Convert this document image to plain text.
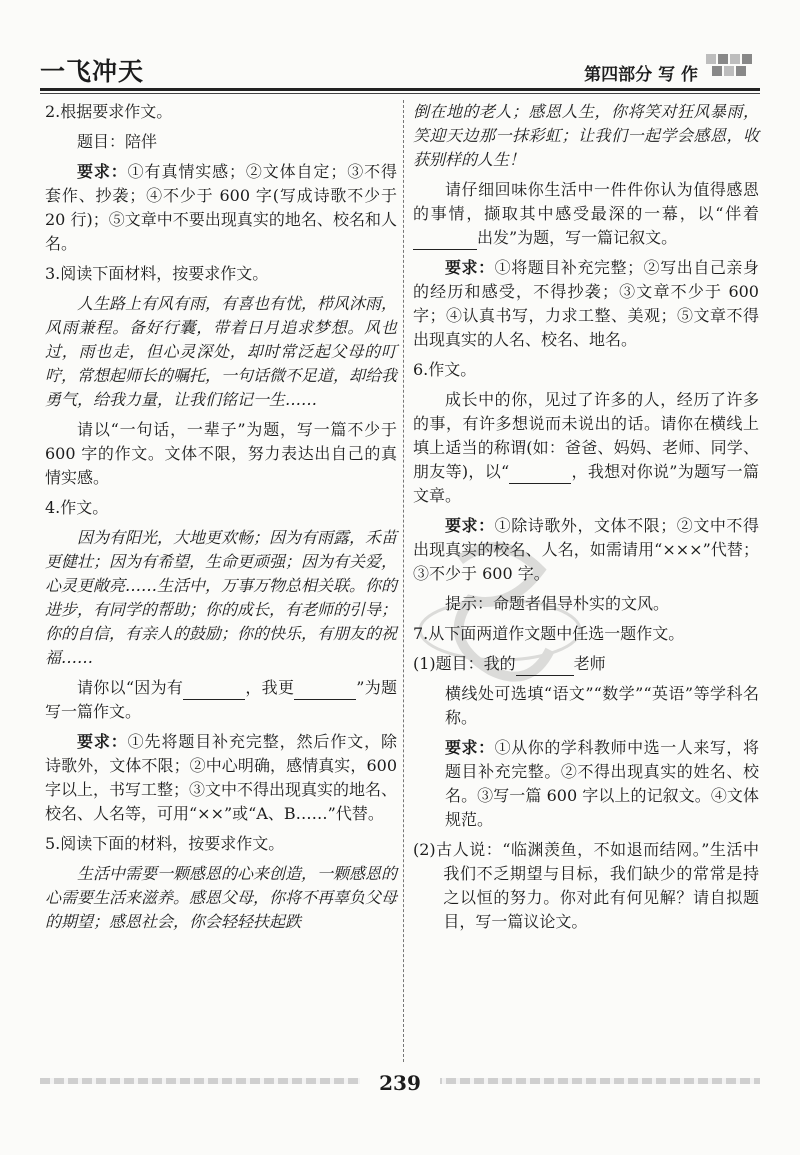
一飞冲天	第四部分 写 作

2.根据要求作文。

题目：陪伴

要求：①有真情实感；②文体自定；③不得套作、抄袭；④不少于 600 字(写成诗歌不少于 20 行)；⑤文章中不要出现真实的地名、校名和人名。

3.阅读下面材料，按要求作文。

人生路上有风有雨，有喜也有忧，栉风沐雨，风雨兼程。备好行囊，带着日月追求梦想。风也过，雨也走，但心灵深处，却时常泛起父母的叮咛，常想起师长的嘱托，一句话微不足道，却给我勇气，给我力量，让我们铭记一生……

请以“一句话，一辈子”为题，写一篇不少于 600 字的作文。文体不限，努力表达出自己的真情实感。

4.作文。

因为有阳光，大地更欢畅；因为有雨露，禾苗更健壮；因为有希望，生命更顽强；因为有关爱，心灵更敞亮……生活中，万事万物总相关联。你的进步，有同学的帮助；你的成长，有老师的引导；你的自信，有亲人的鼓励；你的快乐，有朋友的祝福……

请你以“因为有	，我更	”为题写一篇作文。

要求：①先将题目补充完整，然后作文，除诗歌外，文体不限；②中心明确，感情真实，600 字以上，书写工整；③文中不得出现真实的地名、校名、人名等，可用“××”或“A、B……”代替。

5.阅读下面的材料，按要求作文。

生活中需要一颗感恩的心来创造，一颗感恩的心需要生活来滋养。感恩父母，你将不再辜负父母的期望；感恩社会，你会轻轻扶起跌

倒在地的老人；感恩人生，你将笑对狂风暴雨，笑迎天边那一抹彩虹；让我们一起学会感恩，收获别样的人生！

请仔细回味你生活中一件件你认为值得感恩的事情，撷取其中感受最深的一幕，以“伴着出发”为题，写一篇记叙文。

要求：①将题目补充完整；②写出自己亲身的经历和感受，不得抄袭；③文章不少于 600 字；④认真书写，力求工整、美观；⑤文章不得出现真实的人名、校名、地名。

6.作文。

成长中的你，见过了许多的人，经历了许多的事，有许多想说而未说出的话。请你在横线上填上适当的称谓(如：爸爸、妈妈、老师、同学、朋友等)，以“	，我想对你说”为题写一篇文章。

要求：①除诗歌外，文体不限；②文中不得出现真实的校名、人名，如需请用“×××”代替；③不少于 600 字。

提示：命题者倡导朴实的文风。

7.从下面两道作文题中任选一题作文。

(1)题目：我的	老师

横线处可选填“语文”“数学”“英语”等学科名称。

要求：①从你的学科教师中选一人来写，将题目补充完整。②不得出现真实的姓名、校名。③写一篇 600 字以上的记叙文。④文体规范。

(2)古人说：“临渊羡鱼，不如退而结网。”生活中我们不乏期望与目标，我们缺少的常常是持之以恒的努力。你对此有何见解？请自拟题目，写一篇议论文。

239
